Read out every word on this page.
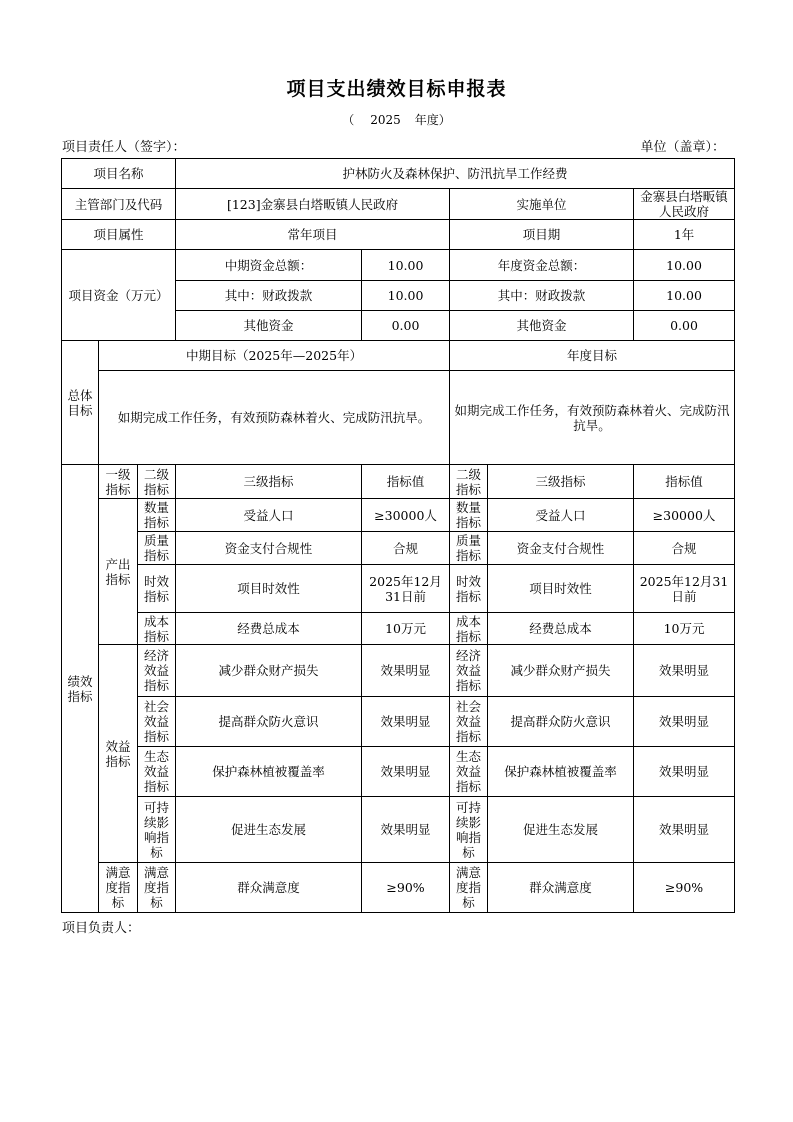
项目支出绩效目标申报表
（ 2025 年度）
项目责任人（签字）：	单位（盖章）：
项目名称			护林防火及森林保护、防汛抗旱工作经费				
主管部门及代码			[123]金寨县白塔畈镇人民政府		实施单位		金寨县白塔畈镇人民政府
项目属性			常年项目		项目期		1年
项目资金（万元）			中期资金总额：	10.00	年度资金总额：		10.00
			其中：财政拨款	10.00	其中：财政拨款		10.00
			其他资金	0.00	其他资金		0.00
总体目标	中期目标（2025年—2025年）				年度目标		
	如期完成工作任务，有效预防森林着火、完成防汛抗旱。				如期完成工作任务，有效预防森林着火、完成防汛抗旱。		
绩效指标	一级指标	二级指标	三级指标	指标值	二级指标	三级指标	指标值
	产出指标	数量指标	受益人口	≥30000人	数量指标	受益人口	≥30000人
		质量指标	资金支付合规性	合规	质量指标	资金支付合规性	合规
		时效指标	项目时效性	2025年12月31日前	时效指标	项目时效性	2025年12月31日前
		成本指标	经费总成本	10万元	成本指标	经费总成本	10万元
	效益指标	经济效益指标	减少群众财产损失	效果明显	经济效益指标	减少群众财产损失	效果明显
		社会效益指标	提高群众防火意识	效果明显	社会效益指标	提高群众防火意识	效果明显
		生态效益指标	保护森林植被覆盖率	效果明显	生态效益指标	保护森林植被覆盖率	效果明显
		可持续影响指标	促进生态发展	效果明显	可持续影响指标	促进生态发展	效果明显
	满意度指标	满意度指标	群众满意度	≥90%	满意度指标	群众满意度	≥90%
项目负责人：
